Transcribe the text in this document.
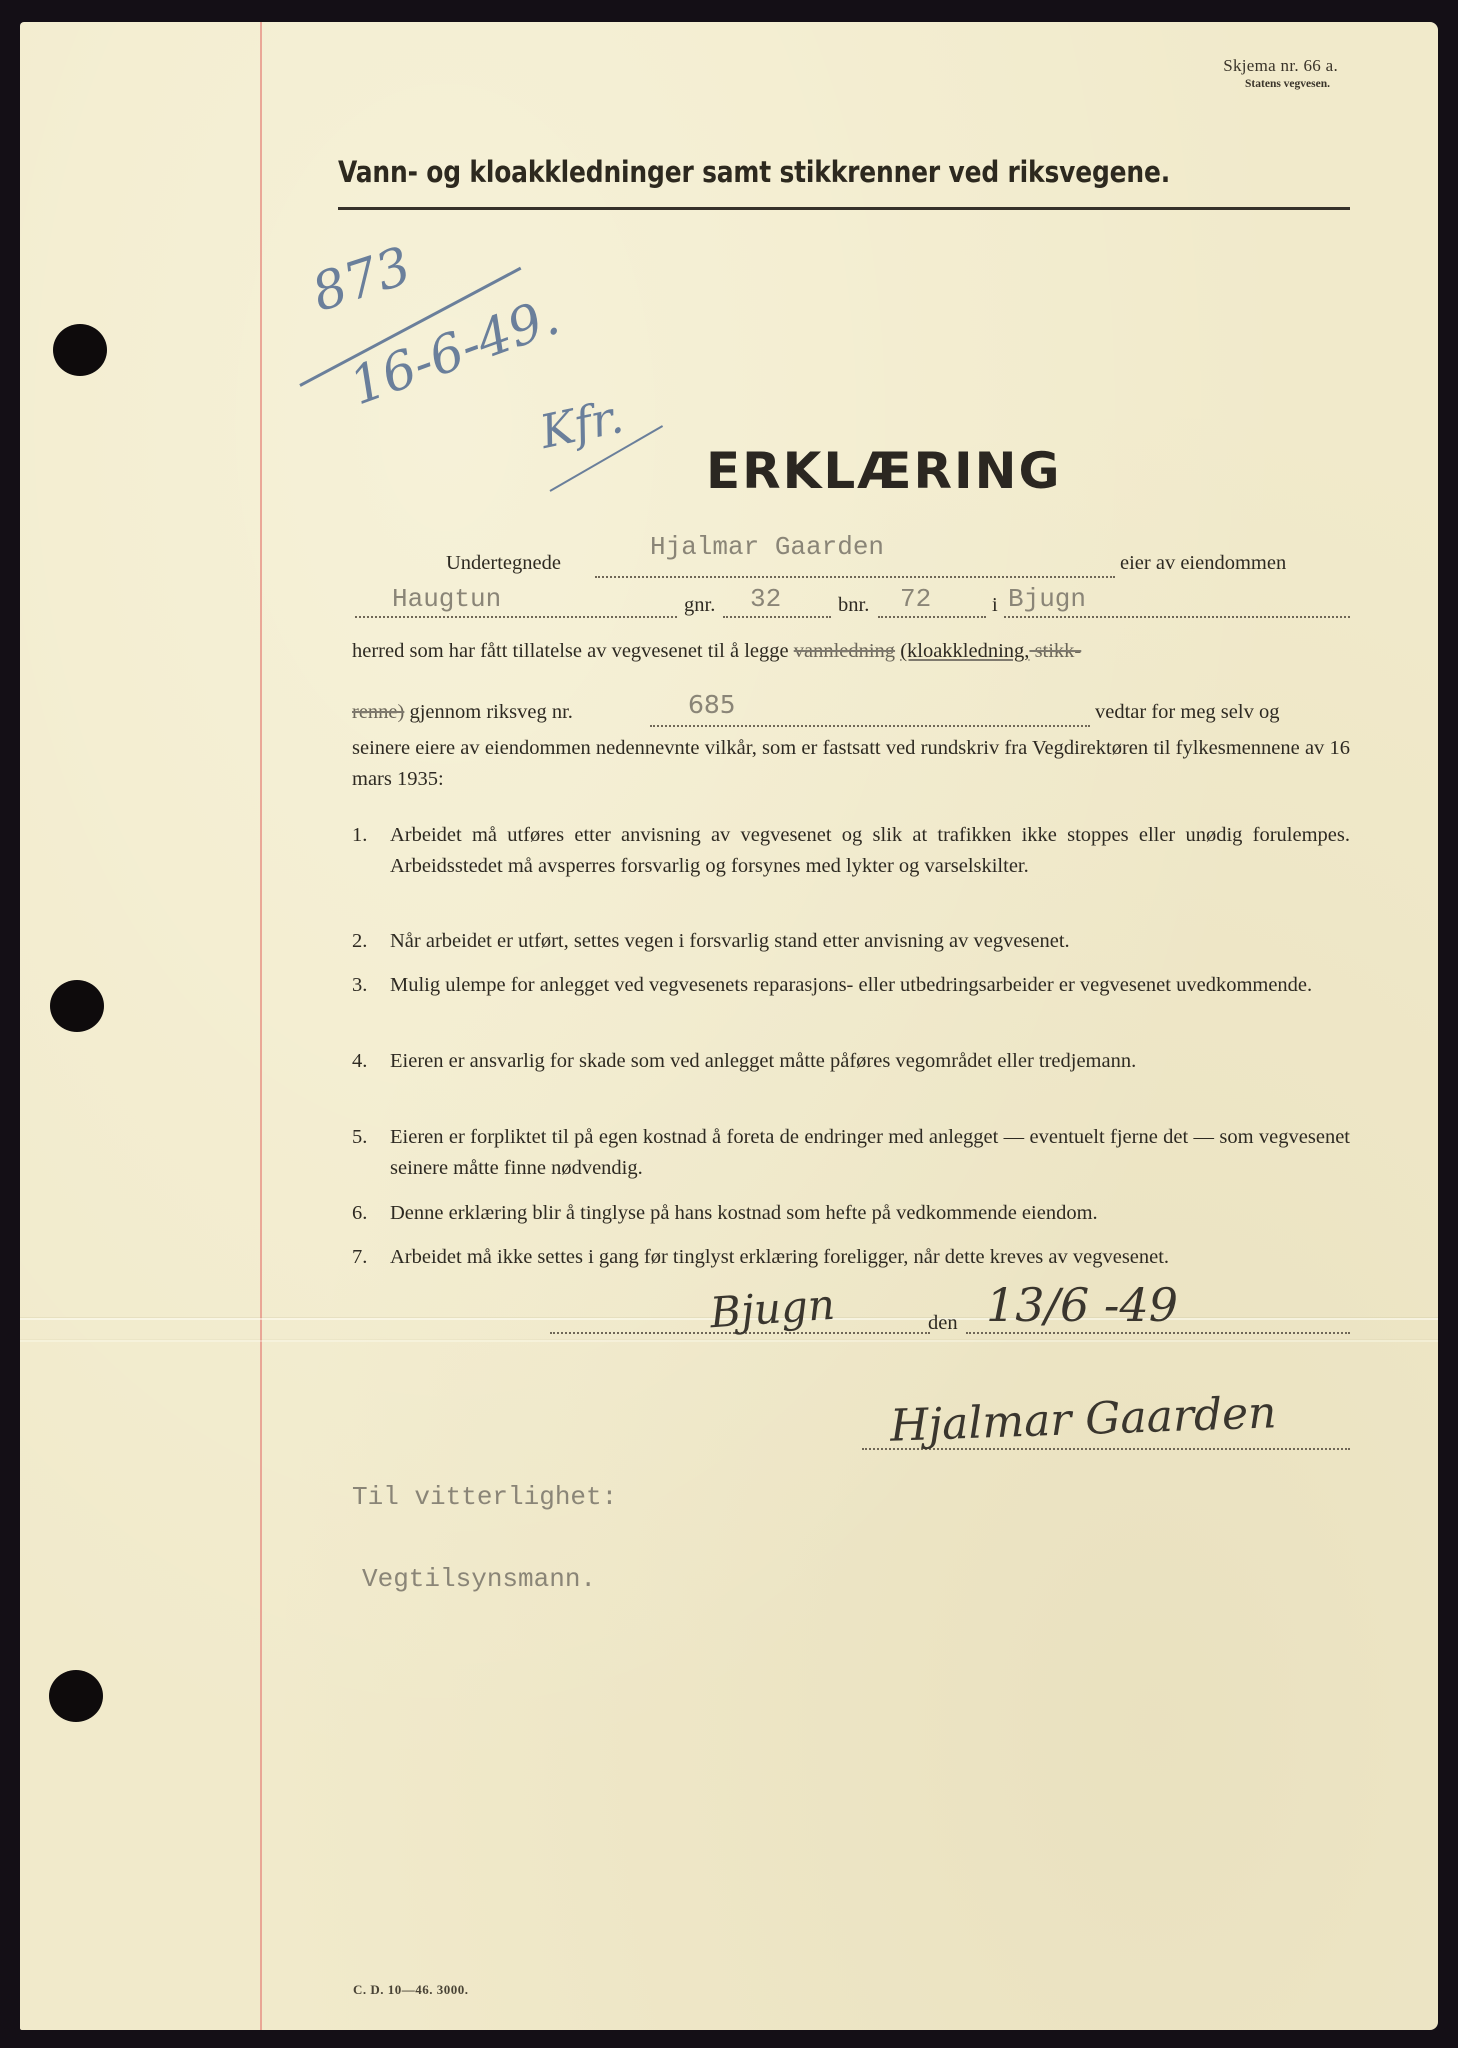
Skjema nr. 66 a.
Statens vegvesen.
Vann- og kloakkledninger samt stikkrenner ved riksvegene.
873
16-6-49.
Kfr.
ERKLÆRING
Undertegnede
Hjalmar Gaarden
eier av eiendommen
Haugtun	gnr. 32	bnr. 72	i Bjugn
herred som har fått tillatelse av vegvesenet til å legge vannledning (kloakkledning, stikk-
renne) gjennom riksveg nr.	685	vedtar for meg selv og
seinere eiere av eiendommen nedennevnte vilkår, som er fastsatt ved rundskriv fra Vegdirektøren til fylkesmennene av 16 mars 1935:
1.	Arbeidet må utføres etter anvisning av vegvesenet og slik at trafikken ikke stoppes eller unødig forulempes. Arbeidsstedet må avsperres forsvarlig og forsynes med lykter og varselskilter.
2.	Når arbeidet er utført, settes vegen i forsvarlig stand etter anvisning av vegvesenet.
3.	Mulig ulempe for anlegget ved vegvesenets reparasjons- eller utbedringsarbeider er vegvesenet uvedkommende.
4.	Eieren er ansvarlig for skade som ved anlegget måtte påføres vegområdet eller tredjemann.
5.	Eieren er forpliktet til på egen kostnad å foreta de endringer med anlegget — eventuelt fjerne det — som vegvesenet seinere måtte finne nødvendig.
6.	Denne erklæring blir å tinglyse på hans kostnad som hefte på vedkommende eiendom.
7.	Arbeidet må ikke settes i gang før tinglyst erklæring foreligger, når dette kreves av vegvesenet.
Bjugn	den 13/6 -49
Hjalmar Gaarden
Til vitterlighet:
Vegtilsynsmann.
C. D. 10—46. 3000.
